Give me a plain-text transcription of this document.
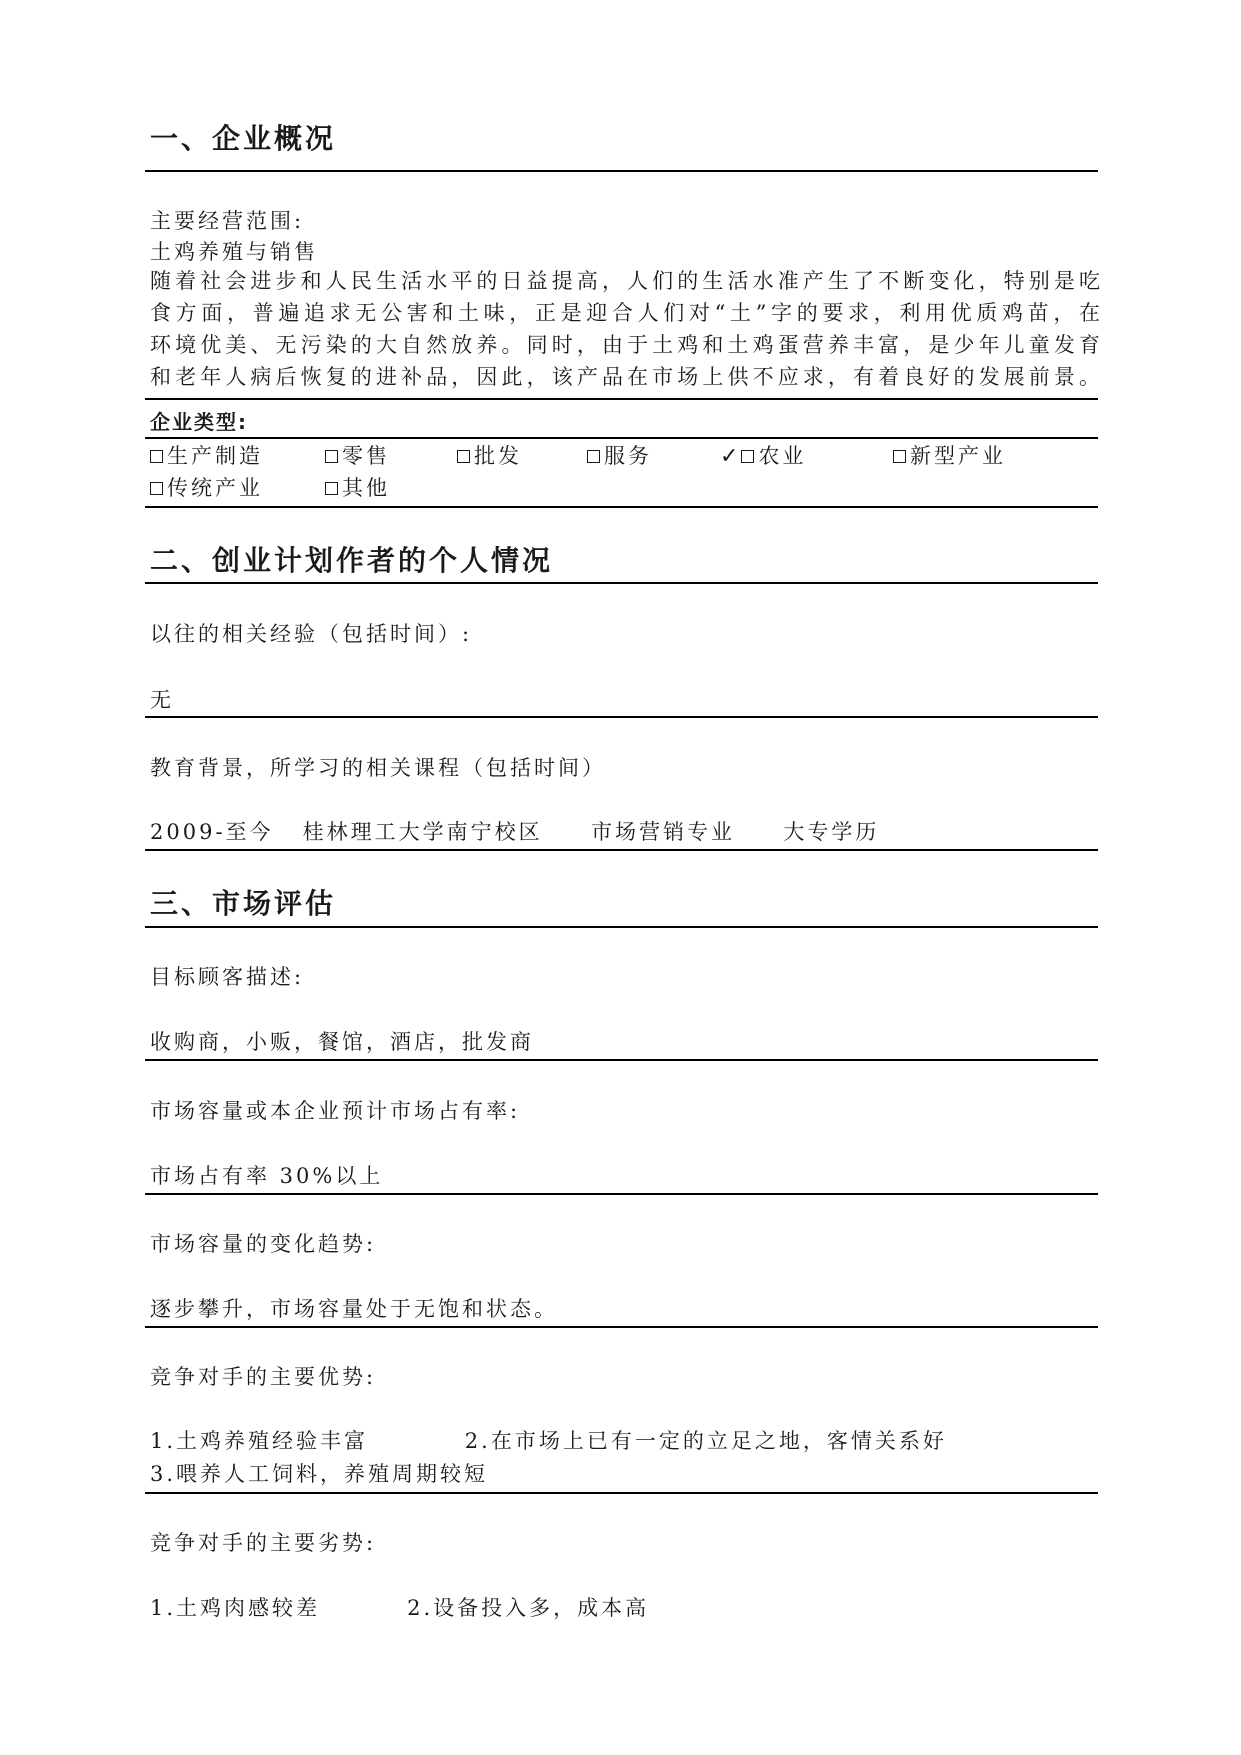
一、企业概况
主要经营范围:
土鸡养殖与销售
随着社会进步和人民生活水平的日益提高，人们的生活水准产生了不断变化，特别是吃
食方面，普遍追求无公害和土味，正是迎合人们对“土”字的要求，利用优质鸡苗，在
环境优美、无污染的大自然放养。同时，由于土鸡和土鸡蛋营养丰富，是少年儿童发育
和老年人病后恢复的进补品，因此，该产品在市场上供不应求，有着良好的发展前景。
企业类型:
生产制造	零售	批发	服务	✓ 农业	新型产业
传统产业	其他
二、创业计划作者的个人情况
以往的相关经验（包括时间）:
无
教育背景，所学习的相关课程（包括时间）
2009-至今   桂林理工大学南宁校区     市场营销专业     大专学历
三、市场评估
目标顾客描述:
收购商，小贩，餐馆，酒店，批发商
市场容量或本企业预计市场占有率:
市场占有率 30%以上
市场容量的变化趋势:
逐步攀升，市场容量处于无饱和状态。
竞争对手的主要优势:
1.土鸡养殖经验丰富          2.在市场上已有一定的立足之地，客情关系好
3.喂养人工饲料，养殖周期较短
竞争对手的主要劣势:
1.土鸡肉感较差         2.设备投入多，成本高
